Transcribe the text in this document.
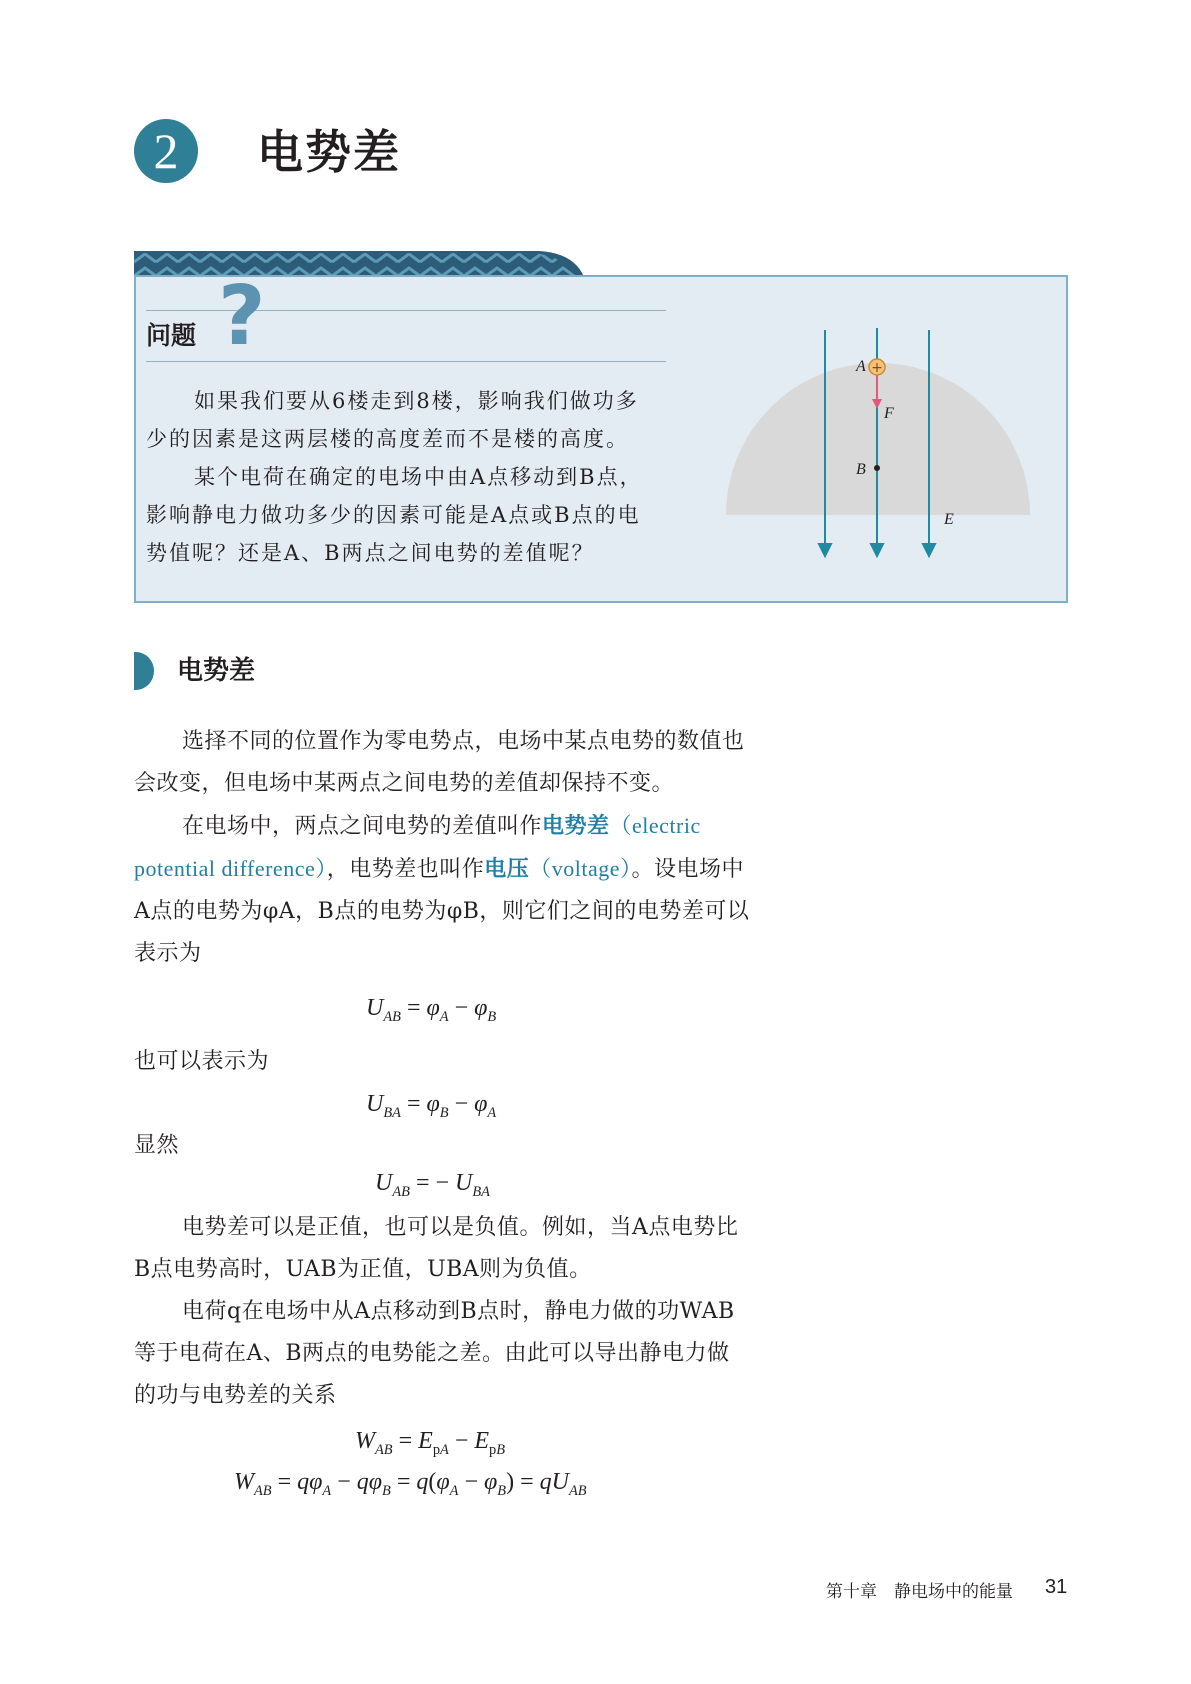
2	电势差
问题 ?

如果我们要从6楼走到8楼，影响我们做功多少的因素是这两层楼的高度差而不是楼的高度。

某个电荷在确定的电场中由A点移动到B点，影响静电力做功多少的因素可能是A点或B点的电势值呢？还是A、B两点之间电势的差值呢？

+
A
F
B
E
电势差

选择不同的位置作为零电势点，电场中某点电势的数值也会改变，但电场中某两点之间电势的差值却保持不变。

在电场中，两点之间电势的差值叫作电势差（electric potential difference），电势差也叫作电压（voltage）。设电场中A点的电势为φA，B点的电势为φB，则它们之间的电势差可以表示为

$U_{AB} = \varphi_A - \varphi_B$

也可以表示为

$U_{BA} = \varphi_B - \varphi_A$

显然

$U_{AB}$ = − $U_{BA}$

电势差可以是正值，也可以是负值。例如，当A点电势比B点电势高时，UAB为正值，UBA则为负值。

电荷q在电场中从A点移动到B点时，静电力做的功WAB等于电荷在A、B两点的电势能之差。由此可以导出静电力做的功与电势差的关系

$W_{AB} = E_{pA} - E_{pB}$
$W_{AB} = q\varphi_A - q\varphi_B = q(\varphi_A - \varphi_B) = qU_{AB}$
第十章　静电场中的能量 31
